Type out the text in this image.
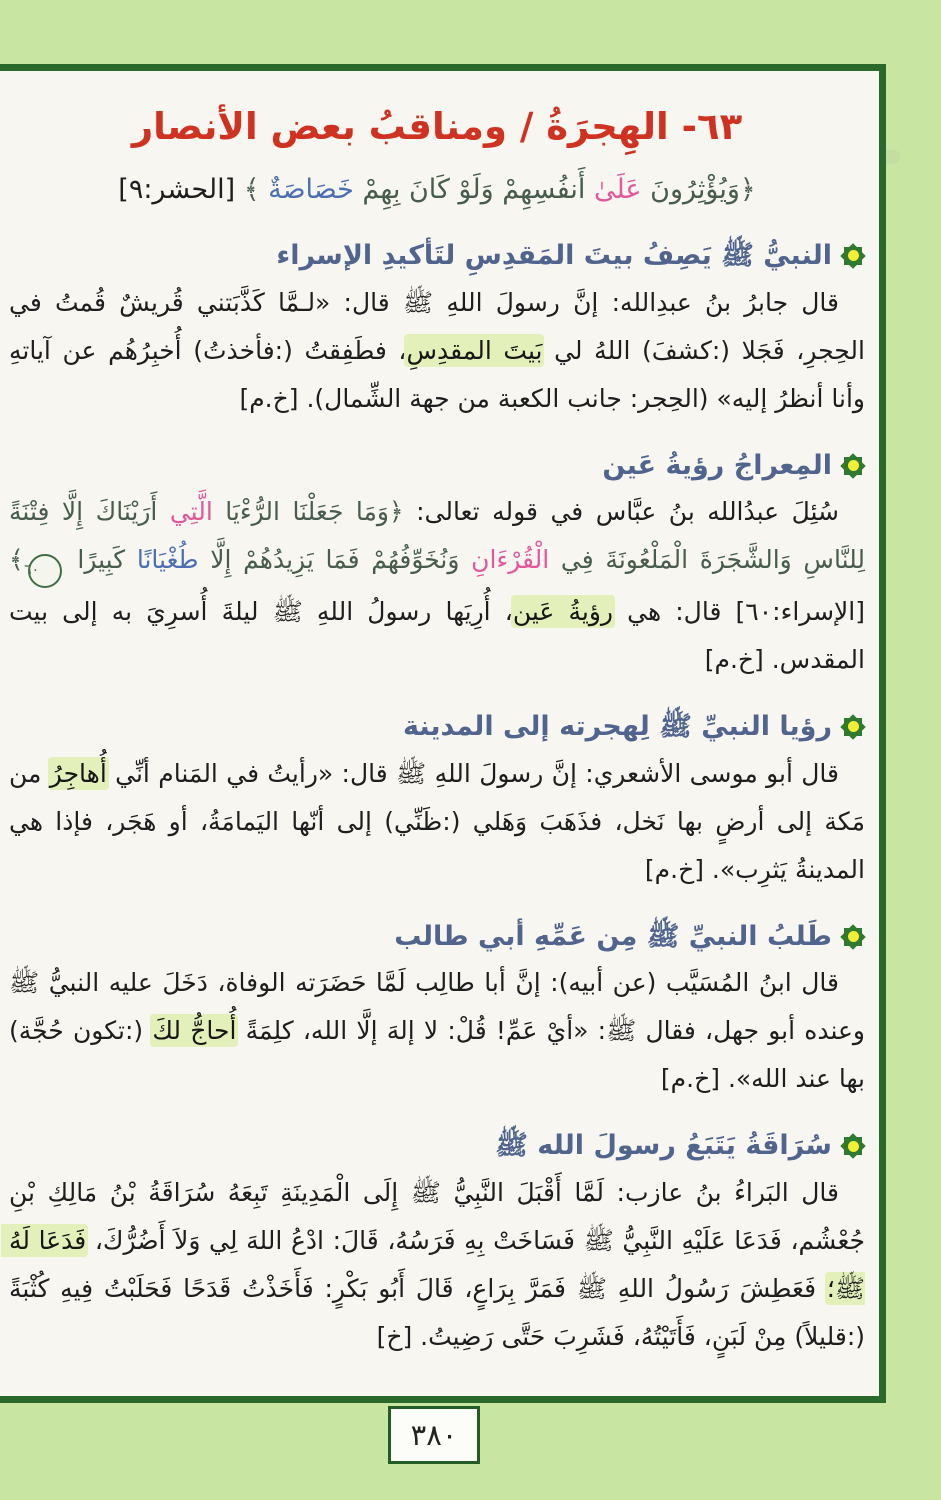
٦٣- الهِجرَةُ / ومناقبُ بعض الأنصار

﴿وَيُؤْثِرُونَ عَلَىٰ أَنفُسِهِمْ وَلَوْ كَانَ بِهِمْ خَصَاصَةٌ ﴾ [الحشر:٩]

النبيُّ ﷺ يَصِفُ بيتَ المَقدِسِ لتَأكيدِ الإسراء

قال جابرُ بنُ عبدِالله: إنَّ رسولَ اللهِ ﷺ قال: «لـمَّا كَذَّبَتني قُريشٌ قُمتُ في الحِجرِ، فَجَلا (:كشفَ) اللهُ لي بَيتَ المقدِسِ، فطَفِقتُ (:فأخذتُ) أُخبِرُهُم عن آياتهِ وأنا أنظرُ إليه» (الحِجر: جانب الكعبة من جهة الشِّمال). [خ.م]

المِعراجُ رؤيةُ عَين

سُئِلَ عبدُالله بنُ عبَّاس في قوله تعالى: ﴿وَمَا جَعَلْنَا الرُّءْيَا الَّتِي أَرَيْنَاكَ إِلَّا فِتْنَةً لِلنَّاسِ وَالشَّجَرَةَ الْمَلْعُونَةَ فِي الْقُرْءَانِ وَنُخَوِّفُهُمْ فَمَا يَزِيدُهُمْ إِلَّا طُغْيَانًا كَبِيرًا ٦٠﴾ [الإسراء:٦٠] قال: هي رؤيةُ عَين، أُرِيَها رسولُ اللهِ ﷺ ليلةَ أُسرِيَ به إلى بيت المقدس. [خ.م]

رؤيا النبيِّ ﷺ لِهجرته إلى المدينة

قال أبو موسى الأشعري: إنَّ رسولَ اللهِ ﷺ قال: «رأيتُ في المَنام أنِّي أُهاجِرُ من مَكة إلى أرضٍ بها نَخل، فذَهَبَ وَهَلي (:ظَنِّي) إلى أنّها اليَمامَةُ، أو هَجَر، فإذا هي المدينةُ يَثرِب». [خ.م]

طَلبُ النبيِّ ﷺ مِن عَمِّهِ أبي طالب

قال ابنُ المُسَيَّب (عن أبيه): إنَّ أبا طالِب لَمَّا حَضَرَته الوفاة، دَخَلَ عليه النبيُّ ﷺ وعنده أبو جهل، فقال ﷺ: «أيْ عَمِّ! قُلْ: لا إلهَ إلَّا الله، كلِمَةً أُحاجُّ لكَ (:تكون حُجَّة) بها عند الله». [خ.م]

سُرَاقَةُ يَتَبَعُ رسولَ الله ﷺ

قال البَراءُ بنُ عازب: لَمَّا أَقْبَلَ النَّبِيُّ ﷺ إِلَى الْمَدِينَةِ تَبِعَهُ سُرَاقَةُ بْنُ مَالِكِ بْنِ جُعْشُم، فَدَعَا عَلَيْهِ النَّبِيُّ ﷺ فَسَاخَتْ بِهِ فَرَسُهُ، قَالَ: ادْعُ اللهَ لِي وَلاَ أَضُرُّكَ، فَدَعَا لَهُ ﷺ؛ فَعَطِشَ رَسُولُ اللهِ ﷺ فَمَرَّ بِرَاعٍ، قَالَ أَبُو بَكْرٍ: فَأَخَذْتُ قَدَحًا فَحَلَبْتُ فِيهِ كُثْبَةً (:قليلاً) مِنْ لَبَنٍ، فَأَتَيْتُهُ، فَشَرِبَ حَتَّى رَضِيتُ. [خ]

٣٨٠
